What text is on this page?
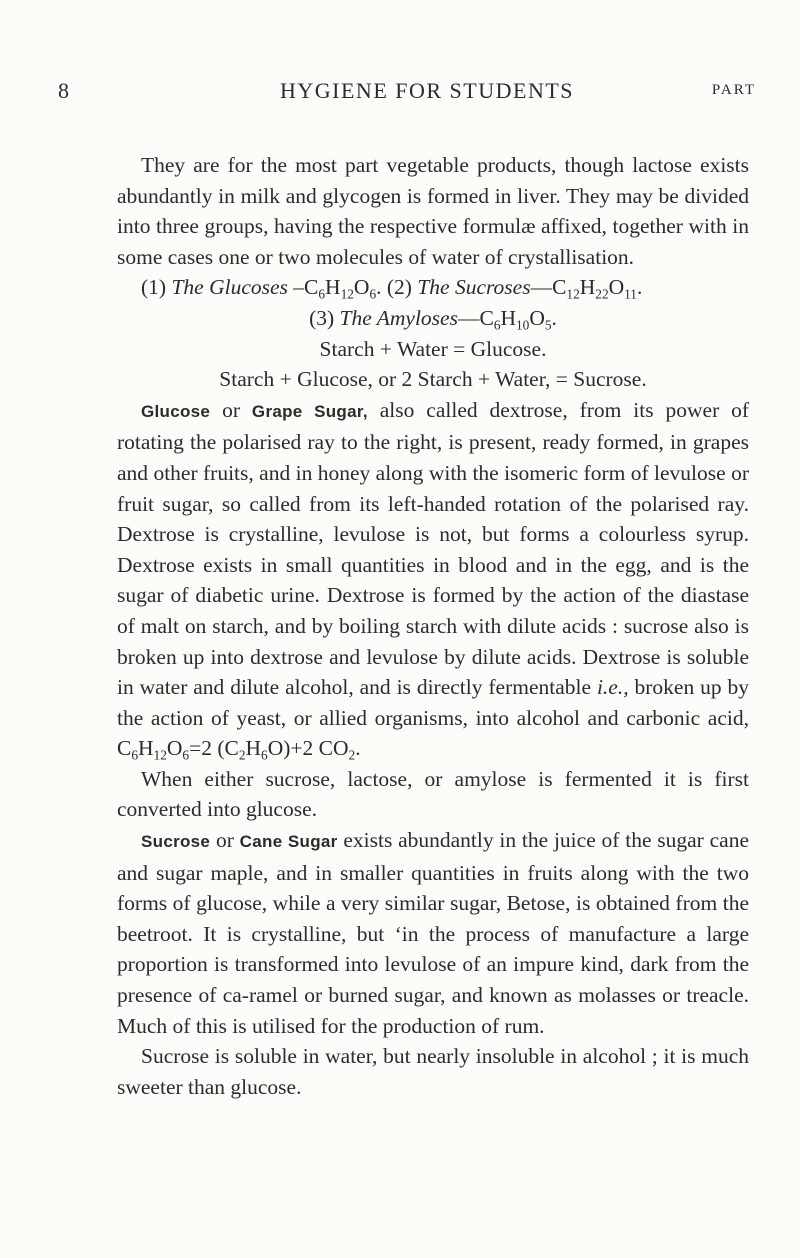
8	HYGIENE FOR STUDENTS	PART

They are for the most part vegetable products, though lactose exists abundantly in milk and glycogen is formed in liver. They may be divided into three groups, having the respective formulæ affixed, together with in some cases one or two molecules of water of crystallisation.

(1) The Glucoses $-C_6H_{12}O_6$. (2) The $Sucroses—C_{12}H_{22}O_{11}$.

(3) The $Amyloses—C_6H_{10}O_5$.

Starch + Water = Glucose.

Starch + Glucose, or 2 Starch + Water, = Sucrose.

Glucose or Grape Sugar, also called dextrose, from its power of rotating the polarised ray to the right, is present, ready formed, in grapes and other fruits, and in honey along with the isomeric form of levulose or fruit sugar, so called from its left-handed rotation of the polarised ray. Dextrose is crystalline, levulose is not, but forms a colourless syrup. Dextrose exists in small quantities in blood and in the egg, and is the sugar of diabetic urine. Dextrose is formed by the action of the diastase of malt on starch, and by boiling starch with dilute acids : sucrose also is broken up into dextrose and levulose by dilute acids. Dextrose is soluble in water and dilute alcohol, and is directly fermentable i.e., broken up by the action of yeast, or allied organisms, into alcohol and carbonic acid, $C_6H_{12}O_6=2$ $(C_2H_6O)+2$ $CO_2$.

When either sucrose, lactose, or amylose is fermented it is first converted into glucose.

Sucrose or Cane Sugar exists abundantly in the juice of the sugar cane and sugar maple, and in smaller quantities in fruits along with the two forms of glucose, while a very similar sugar, Betose, is obtained from the beetroot. It is crystalline, but ʻin the process of manufacture a large proportion is transformed into levulose of an impure kind, dark from the presence of ca-ramel or burned sugar, and known as molasses or treacle. Much of this is utilised for the production of rum.

Sucrose is soluble in water, but nearly insoluble in alcohol ; it is much sweeter than glucose.
